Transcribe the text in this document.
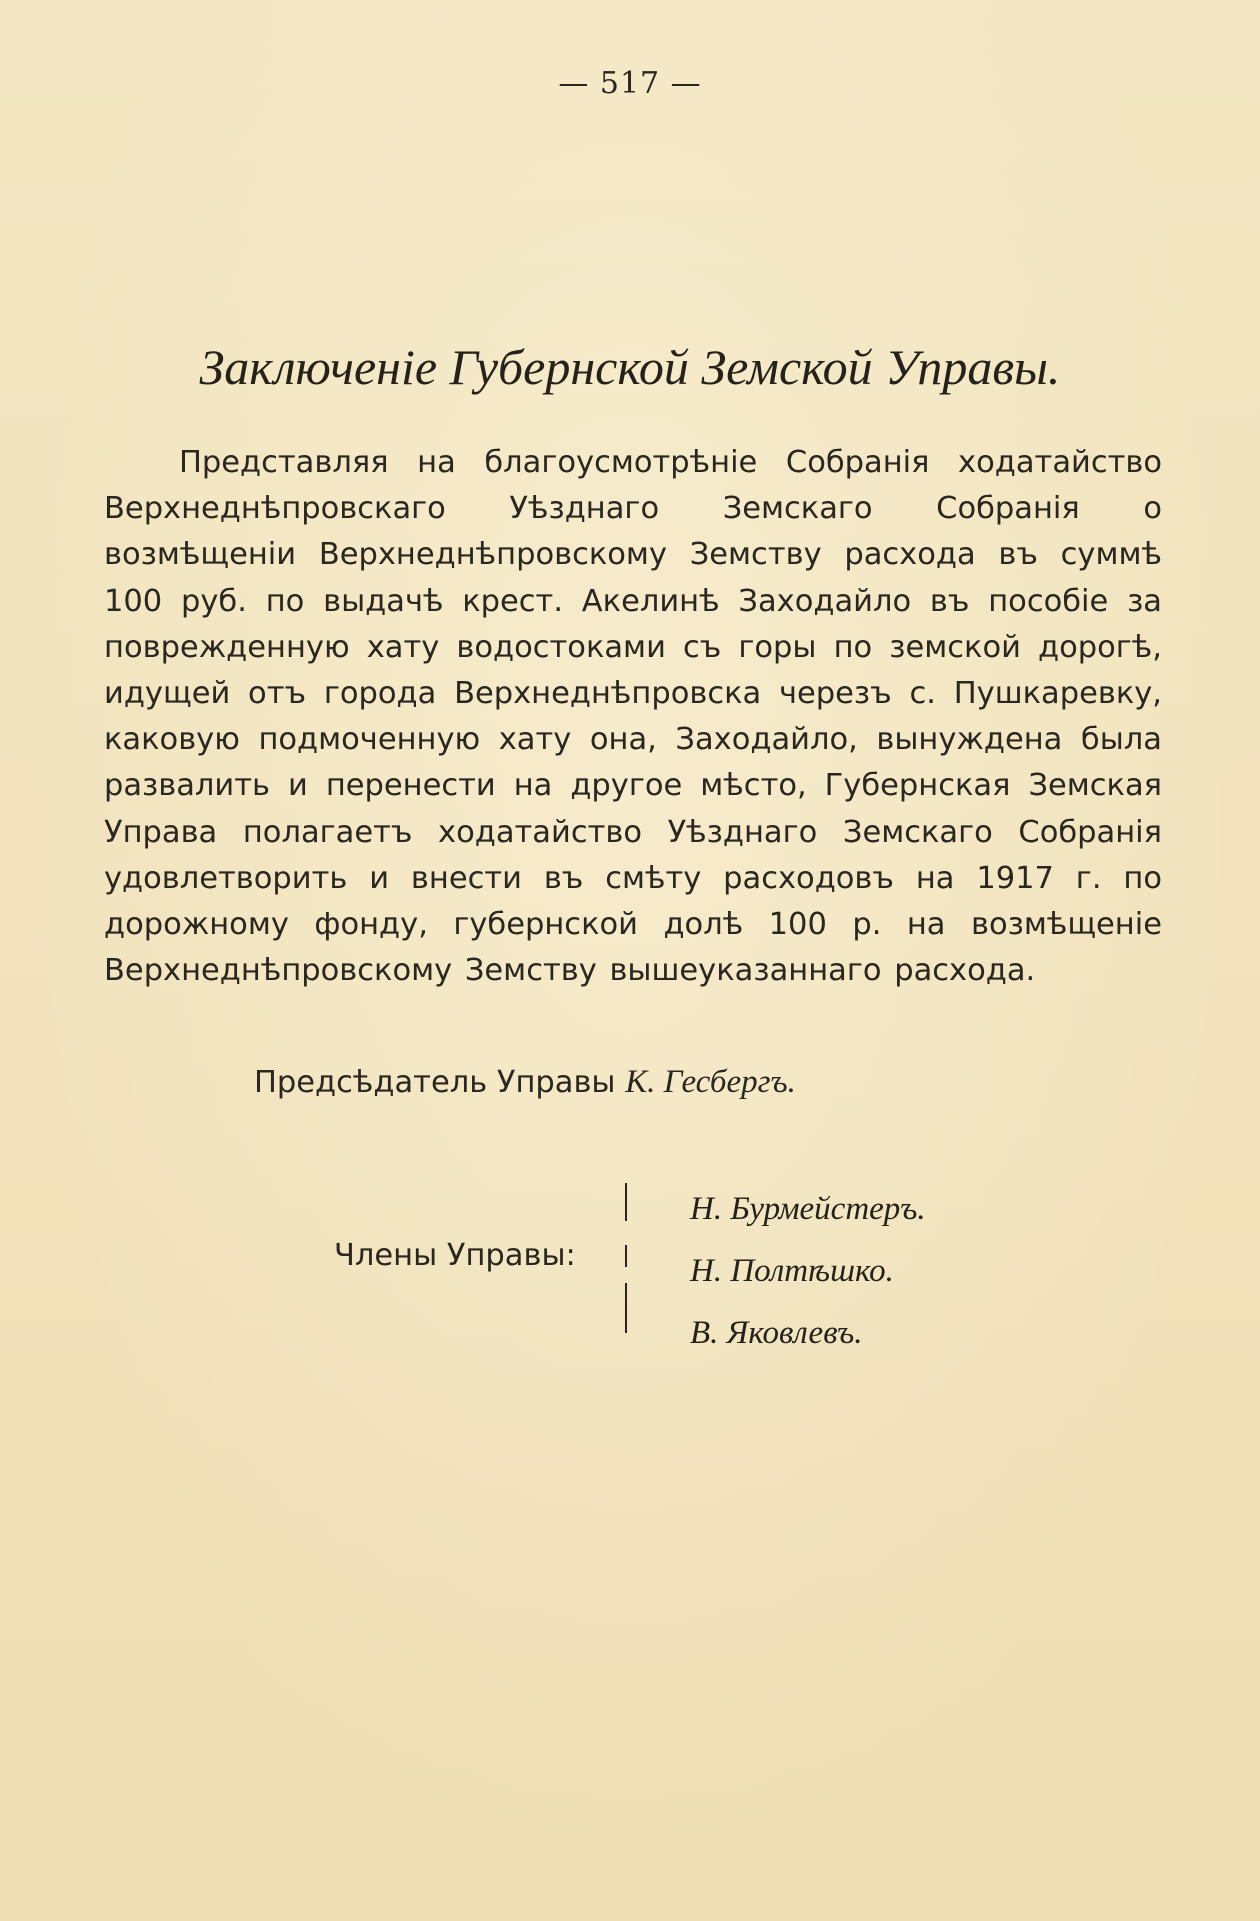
— 517 —
Заключеніе Губернской Земской Управы.

Представляя на благоусмотрѣніе Собранія ходатайство Верхнеднѣпровскаго Уѣзднаго Земскаго Собранія о возмѣщеніи Верхнеднѣпровскому Земству расхода въ суммѣ 100 руб. по выдачѣ крест. Акелинѣ Заходайло въ пособіе за поврежденную хату водостоками съ горы по земской дорогѣ, идущей отъ города Верхнеднѣпровска черезъ с. Пушкаревку, каковую подмоченную хату она, Заходайло, вынуждена была развалить и перенести на другое мѣсто, Губернская Земская Управа полагаетъ ходатайство Уѣзднаго Земскаго Собранія удовлетворить и внести въ смѣту расходовъ на 1917 г. по дорожному фонду, губернской долѣ 100 р. на возмѣщеніе Верхнеднѣпровскому Земству вышеуказаннаго расхода.

Предсѣдатель Управы К. Гесбергъ.
Члены Управы:
Н. Бурмейстеръ.
Н. Полтѣшко.
В. Яковлевъ.
